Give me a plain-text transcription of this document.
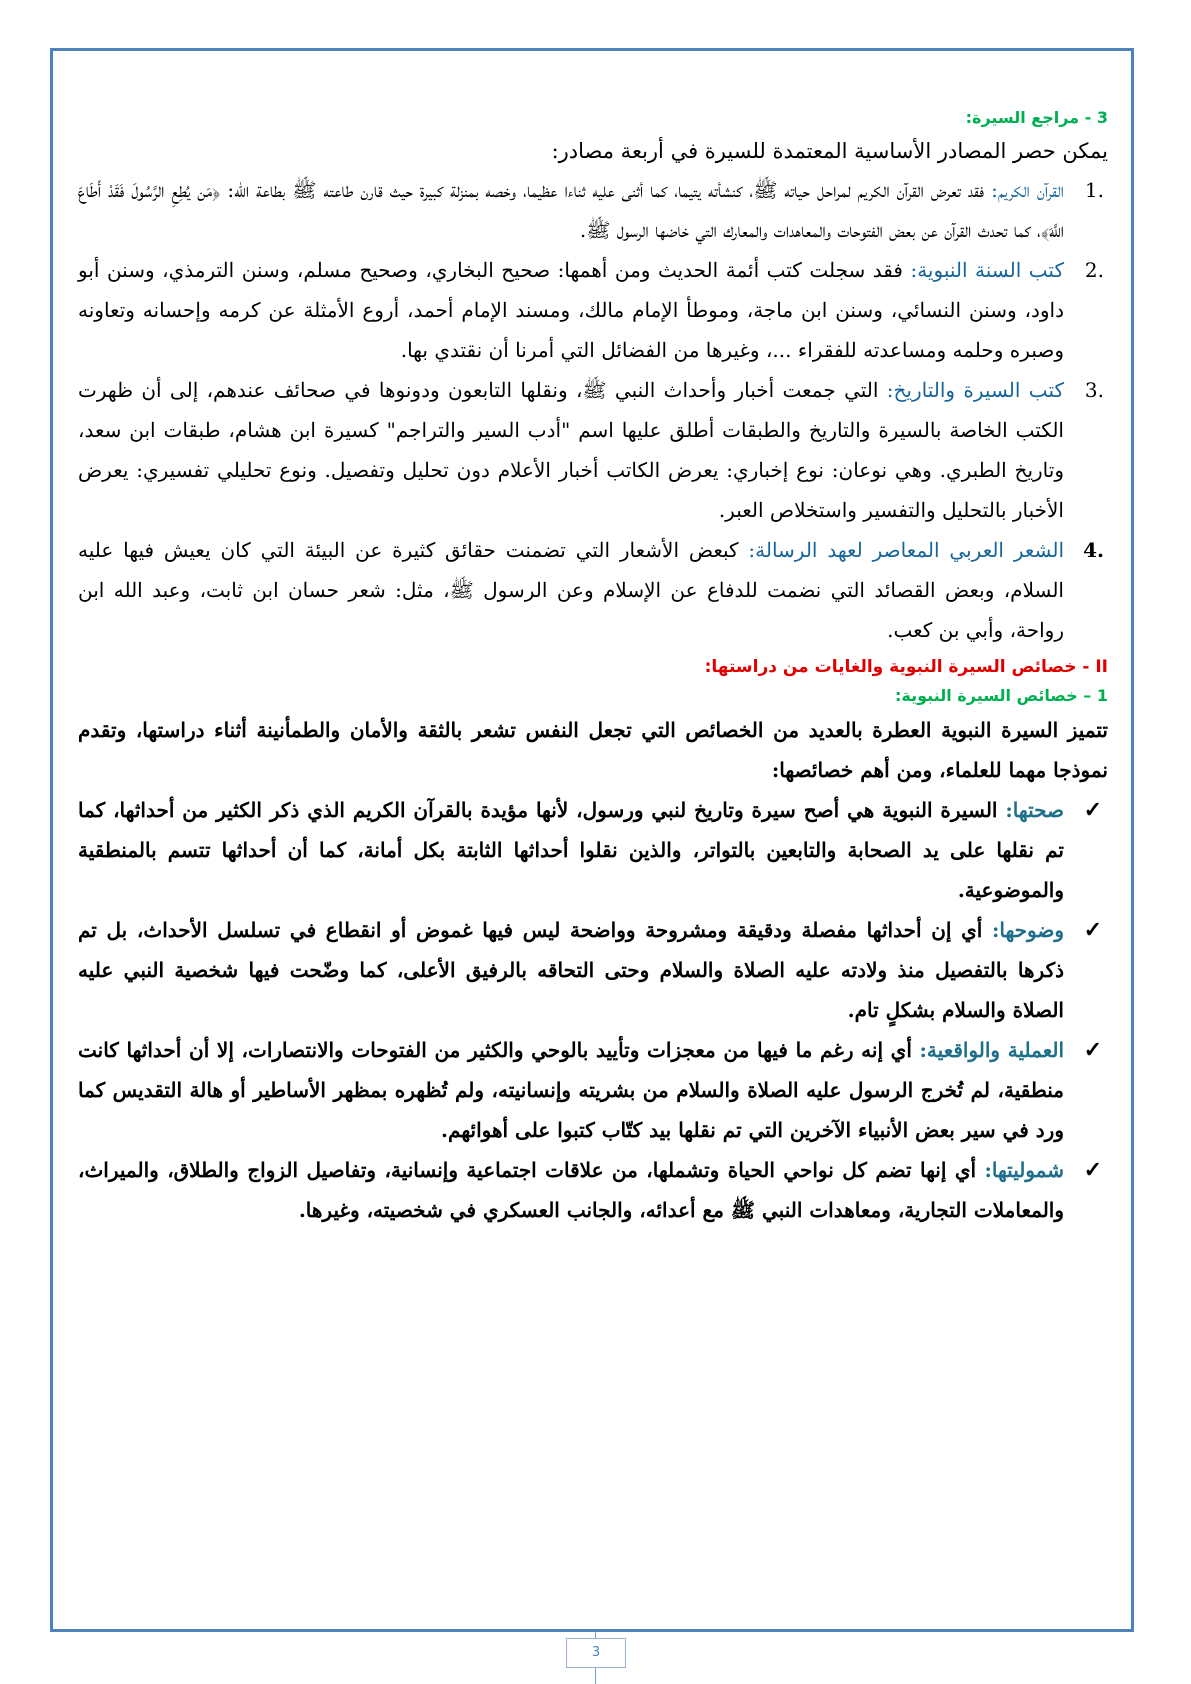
3 - مراجع السيرة:

يمكن حصر المصادر الأساسية المعتمدة للسيرة في أربعة مصادر:

1.
القرآن الكريم: فقد تعرض القرآن الكريم لمراحل حياته ﷺ، كنشأته يتيما، كما أثنى عليه ثناءا عظيما، وخصه بمنزلة كبيرة حيث قارن طاعته ﷺ بطاعة الله: ﴿مَن يُطِعِ الرَّسُولَ فَقَدْ أَطَاعَ اللَّهَ﴾، كما تحدث القرآن عن بعض الفتوحات والمعاهدات والمعارك التي خاضها الرسول ﷺ.

2.
كتب السنة النبوية: فقد سجلت كتب أئمة الحديث ومن أهمها: صحيح البخاري، وصحيح مسلم، وسنن الترمذي، وسنن أبو داود، وسنن النسائي، وسنن ابن ماجة، وموطأ الإمام مالك، ومسند الإمام أحمد، أروع الأمثلة عن كرمه وإحسانه وتعاونه وصبره وحلمه ومساعدته للفقراء ...، وغيرها من الفضائل التي أمرنا أن نقتدي بها.

3.
كتب السيرة والتاريخ: التي جمعت أخبار وأحداث النبي ﷺ، ونقلها التابعون ودونوها في صحائف عندهم، إلى أن ظهرت الكتب الخاصة بالسيرة والتاريخ والطبقات أطلق عليها اسم "أدب السير والتراجم" كسيرة ابن هشام، طبقات ابن سعد، وتاريخ الطبري. وهي نوعان: نوع إخباري: يعرض الكاتب أخبار الأعلام دون تحليل وتفصيل. ونوع تحليلي تفسيري: يعرض الأخبار بالتحليل والتفسير واستخلاص العبر.

4.
الشعر العربي المعاصر لعهد الرسالة: كبعض الأشعار التي تضمنت حقائق كثيرة عن البيئة التي كان يعيش فيها عليه السلام، وبعض القصائد التي نضمت للدفاع عن الإسلام وعن الرسول ﷺ، مثل: شعر حسان ابن ثابت، وعبد الله ابن رواحة، وأبي بن كعب.

II - خصائص السيرة النبوية والغايات من دراستها:

1 – خصائص السيرة النبوية:

تتميز السيرة النبوية العطرة بالعديد من الخصائص التي تجعل النفس تشعر بالثقة والأمان والطمأنينة أثناء دراستها، وتقدم نموذجا مهما للعلماء، ومن أهم خصائصها:

✓
صحتها: السيرة النبوية هي أصح سيرة وتاريخ لنبي ورسول، لأنها مؤيدة بالقرآن الكريم الذي ذكر الكثير من أحداثها، كما تم نقلها على يد الصحابة والتابعين بالتواتر، والذين نقلوا أحداثها الثابتة بكل أمانة، كما أن أحداثها تتسم بالمنطقية والموضوعية.

✓
وضوحها: أي إن أحداثها مفصلة ودقيقة ومشروحة وواضحة ليس فيها غموض أو انقطاع في تسلسل الأحداث، بل تم ذكرها بالتفصيل منذ ولادته عليه الصلاة والسلام وحتى التحاقه بالرفيق الأعلى، كما وضّحت فيها شخصية النبي عليه الصلاة والسلام بشكلٍ تام.

✓
العملية والواقعية: أي إنه رغم ما فيها من معجزات وتأييد بالوحي والكثير من الفتوحات والانتصارات، إلا أن أحداثها كانت منطقية، لم تُخرج الرسول عليه الصلاة والسلام من بشريته وإنسانيته، ولم تُظهره بمظهر الأساطير أو هالة التقديس كما ورد في سير بعض الأنبياء الآخرين التي تم نقلها بيد كتّاب كتبوا على أهوائهم.

✓
شموليتها: أي إنها تضم كل نواحي الحياة وتشملها، من علاقات اجتماعية وإنسانية، وتفاصيل الزواج والطلاق، والميراث، والمعاملات التجارية، ومعاهدات النبي ﷺ مع أعدائه، والجانب العسكري في شخصيته، وغيرها.

3
